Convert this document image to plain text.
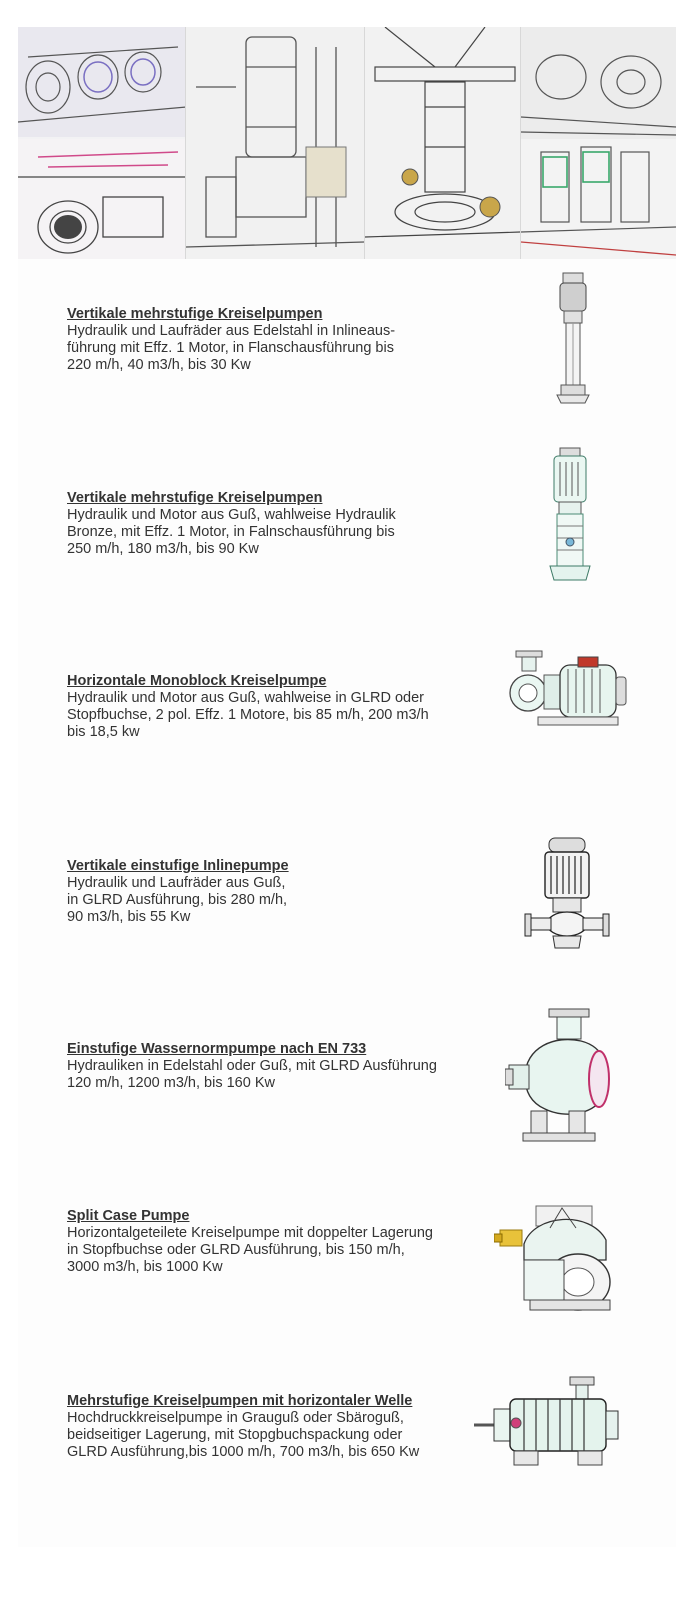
Vertikale mehrstufige Kreiselpumpen
Hydraulik und Laufräder aus Edelstahl in Inlineaus-
führung mit Effz. 1 Motor, in Flanschausführung bis
220 m/h, 40 m3/h, bis 30 Kw
Vertikale mehrstufige Kreiselpumpen
Hydraulik und Motor aus Guß, wahlweise Hydraulik
Bronze, mit Effz. 1 Motor, in Falnschausführung bis
250 m/h, 180 m3/h, bis 90 Kw
Horizontale Monoblock Kreiselpumpe
Hydraulik und Motor aus Guß, wahlweise in GLRD oder
Stopfbuchse, 2 pol. Effz. 1 Motore, bis 85 m/h, 200 m3/h
bis 18,5 kw
Vertikale einstufige Inlinepumpe
Hydraulik und Laufräder aus Guß,
in GLRD Ausführung, bis 280 m/h,
90 m3/h, bis 55 Kw
Einstufige Wassernormpumpe nach EN 733
Hydrauliken in Edelstahl oder Guß, mit GLRD Ausführung
120 m/h, 1200 m3/h, bis 160 Kw
Split Case Pumpe
Horizontalgeteilete Kreiselpumpe mit doppelter Lagerung
in Stopfbuchse oder GLRD Ausführung, bis 150 m/h,
3000 m3/h, bis 1000 Kw
Mehrstufige Kreiselpumpen mit horizontaler Welle
Hochdruckkreiselpumpe in Grauguß oder Sbäroguß,
beidseitiger Lagerung, mit Stopgbuchspackung oder
GLRD Ausführung,bis 1000 m/h, 700 m3/h, bis 650 Kw
